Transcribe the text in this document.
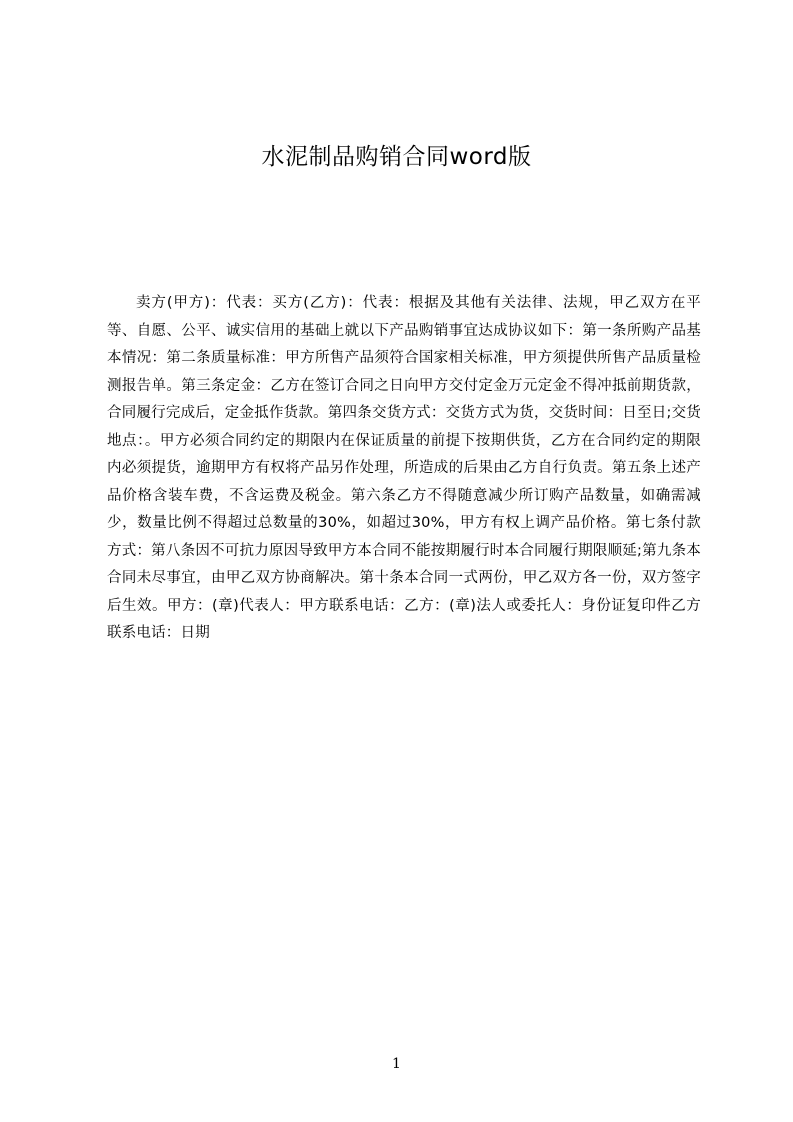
水泥制品购销合同word版

卖方(甲方)：代表：买方(乙方)：代表：根据及其他有关法律、法规，甲乙双方在平等、自愿、公平、诚实信用的基础上就以下产品购销事宜达成协议如下：第一条所购产品基本情况：第二条质量标准：甲方所售产品须符合国家相关标准，甲方须提供所售产品质量检测报告单。第三条定金：乙方在签订合同之日向甲方交付定金万元定金不得冲抵前期货款，合同履行完成后，定金抵作货款。第四条交货方式：交货方式为货，交货时间：日至日;交货地点：。甲方必须合同约定的期限内在保证质量的前提下按期供货，乙方在合同约定的期限内必须提货，逾期甲方有权将产品另作处理，所造成的后果由乙方自行负责。第五条上述产品价格含装车费，不含运费及税金。第六条乙方不得随意减少所订购产品数量，如确需减少，数量比例不得超过总数量的30%，如超过30%，甲方有权上调产品价格。第七条付款方式：第八条因不可抗力原因导致甲方本合同不能按期履行时本合同履行期限顺延;第九条本合同未尽事宜，由甲乙双方协商解决。第十条本合同一式两份，甲乙双方各一份，双方签字后生效。甲方：(章)代表人：甲方联系电话：乙方：(章)法人或委托人：身份证复印件乙方联系电话：日期

1
